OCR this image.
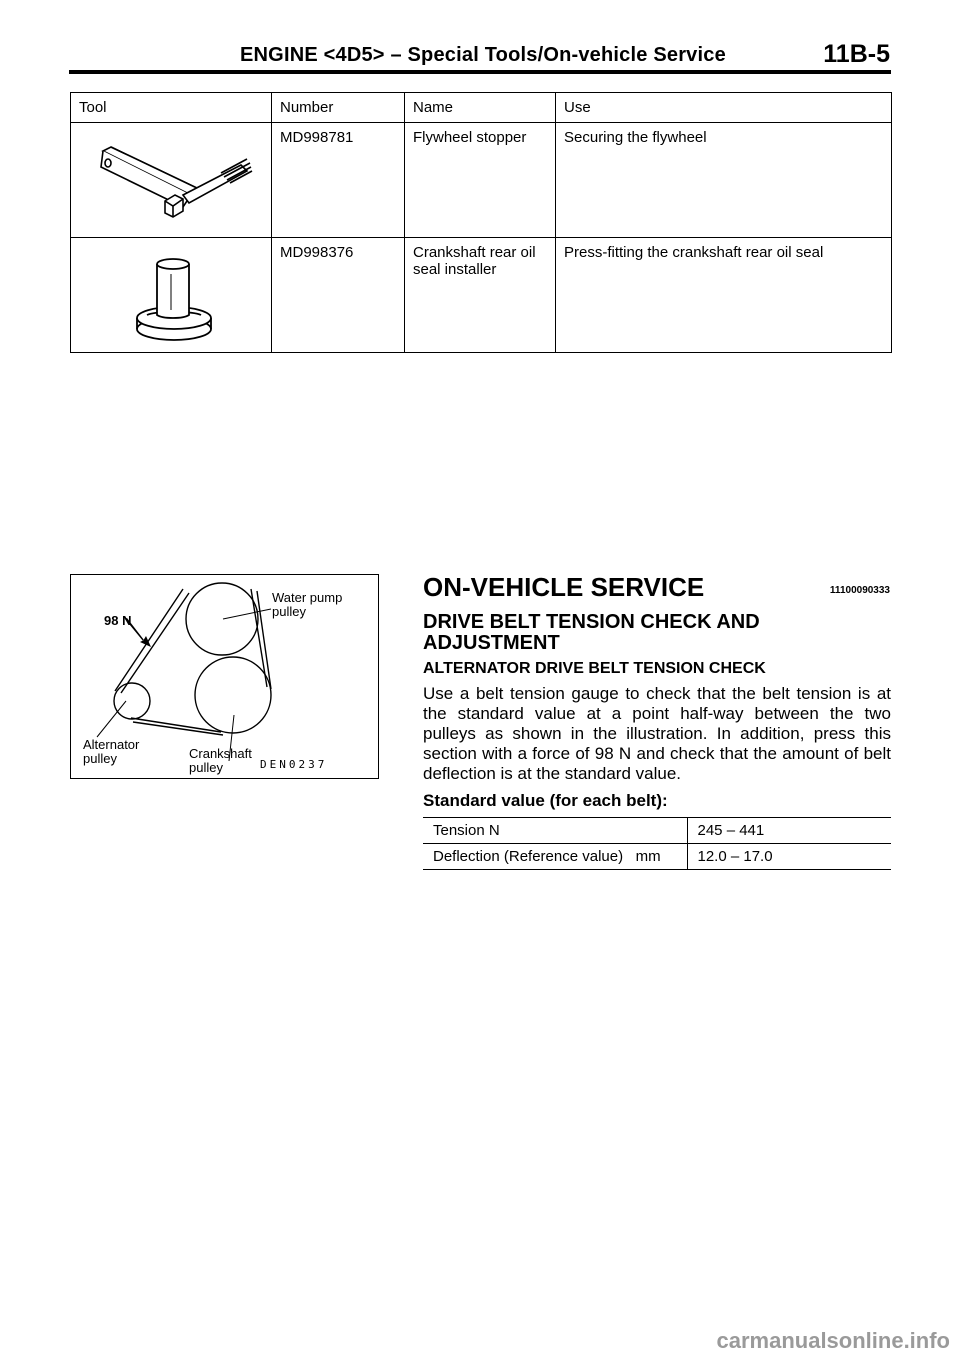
ENGINE <4D5> – Special Tools/On-vehicle Service	11B-5
Tool	Number	Name	Use

	MD998781	Flywheel stopper	Securing the flywheel

	MD998376	Crankshaft rear oil seal installer	Press-fitting the crankshaft rear oil seal
98 N
Water pump pulley
Alternator pulley	Crankshaft pulley	DEN0237
ON-VEHICLE SERVICE	11100090333
DRIVE BELT TENSION CHECK AND ADJUSTMENT
ALTERNATOR DRIVE BELT TENSION CHECK

Use a belt tension gauge to check that the belt tension is at the standard value at a point half-way between the two pulleys as shown in the illustration. In addition, press this section with a force of 98 N and check that the amount of belt deflection is at the standard value.

Standard value (for each belt):
Tension N	245 – 441
Deflection (Reference value)   mm	12.0 – 17.0
carmanualsonline.info
